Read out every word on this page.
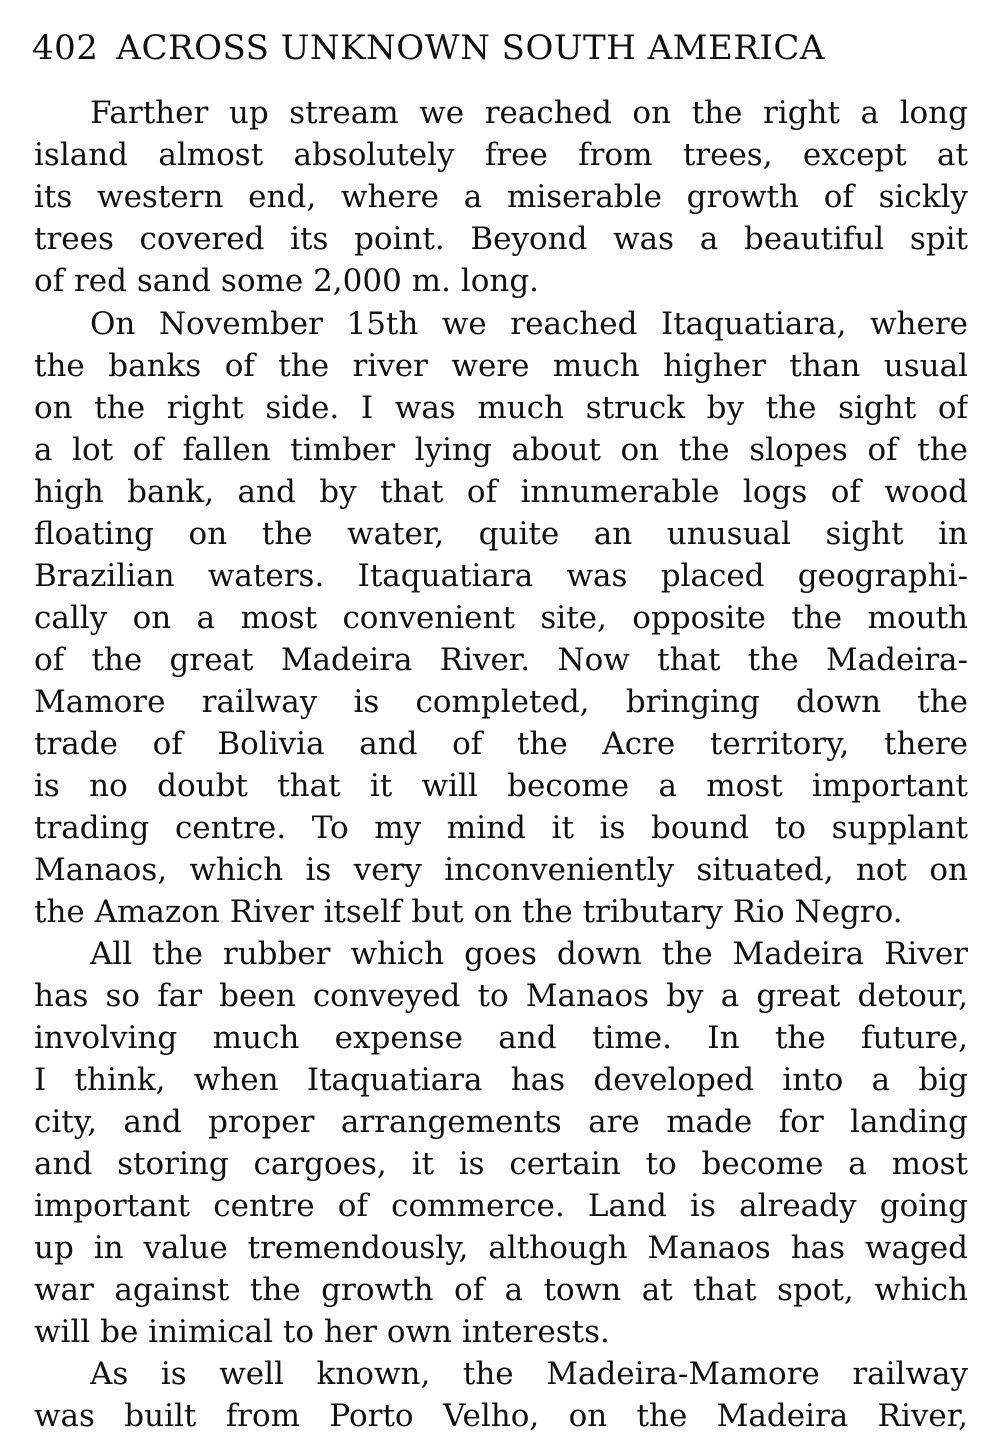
402 ACROSS UNKNOWN SOUTH AMERICA
Farther up stream we reached on the right a long
island almost absolutely free from trees, except at
its western end, where a miserable growth of sickly
trees covered its point. Beyond was a beautiful spit
of red sand some 2,000 m. long.
On November 15th we reached Itaquatiara, where
the banks of the river were much higher than usual
on the right side. I was much struck by the sight of
a lot of fallen timber lying about on the slopes of the
high bank, and by that of innumerable logs of wood
floating on the water, quite an unusual sight in
Brazilian waters. Itaquatiara was placed geographi-
cally on a most convenient site, opposite the mouth
of the great Madeira River. Now that the Madeira-
Mamore railway is completed, bringing down the
trade of Bolivia and of the Acre territory, there
is no doubt that it will become a most important
trading centre. To my mind it is bound to supplant
Manaos, which is very inconveniently situated, not on
the Amazon River itself but on the tributary Rio Negro.
All the rubber which goes down the Madeira River
has so far been conveyed to Manaos by a great detour,
involving much expense and time. In the future,
I think, when Itaquatiara has developed into a big
city, and proper arrangements are made for landing
and storing cargoes, it is certain to become a most
important centre of commerce. Land is already going
up in value tremendously, although Manaos has waged
war against the growth of a town at that spot, which
will be inimical to her own interests.
As is well known, the Madeira-Mamore railway
was built from Porto Velho, on the Madeira River,
